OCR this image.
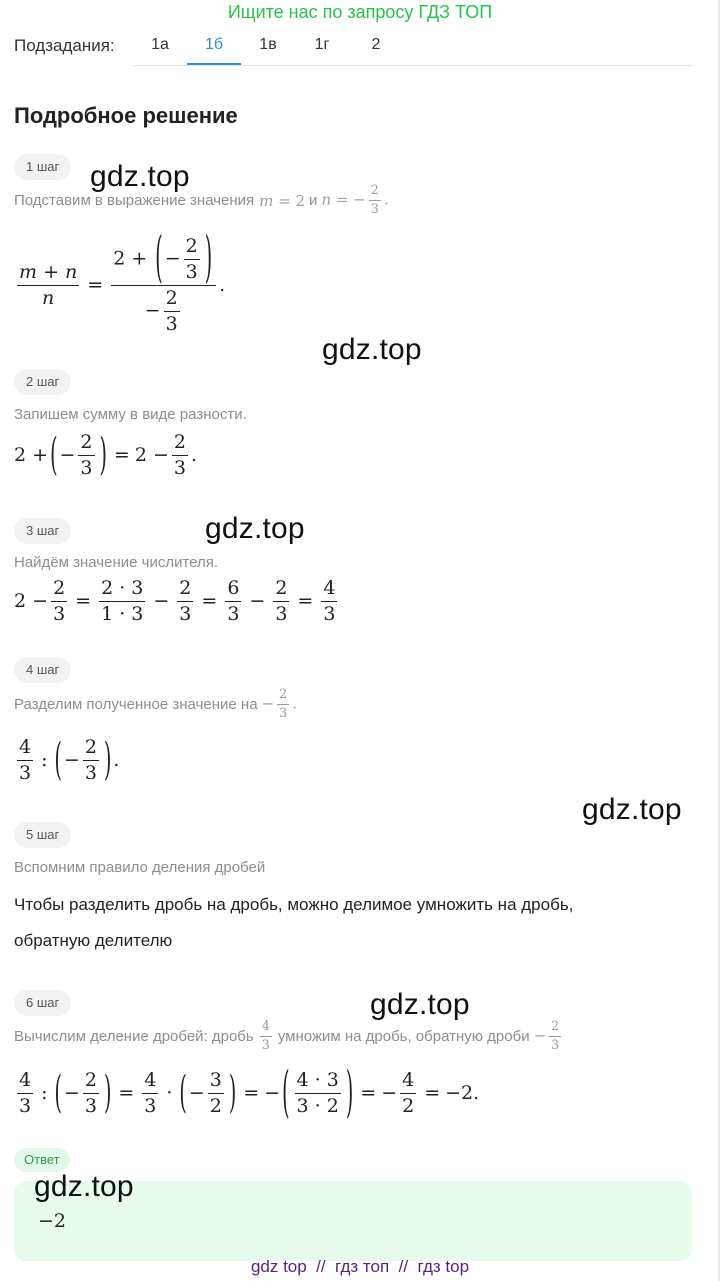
Ищите нас по запросу ГДЗ ТОП
Подзадания:	1а	1б	1в	1г	2
Подробное решение
1 шаг	gdz.top
Подставим в выражение значения m = 2 и n = − $\frac{2}{3}$ .
$\frac{m + n}{n} = \frac{2 + ( - \frac{2}{3} )}{- \frac{2}{3}}$ .
gdz.top
2 шаг
Запишем сумму в виде разности.
2 + ( − $\frac{2}{3}$ ) = $2 - \frac{2}{3}$ .
3 шаг	gdz.top
Найдём значение числителя.
$2 - \frac{2}{3} = \frac{2 \cdot 3}{1 \cdot 3} - \frac{2}{3} = \frac{6}{3} - \frac{2}{3} = \frac{4}{3}$
4 шаг
Разделим полученное значение на − $\frac{2}{3}$ .
$\frac{4}{3}$ : ( − $\frac{2}{3}$ ) .
gdz.top
5 шаг
Вспомним правило деления дробей
Чтобы разделить дробь на дробь, можно делимое умножить на дробь,
обратную делителю
6 шаг	gdz.top
Вычислим деление дробей: дробь $\frac{4}{3}$ умножим на дробь, обратную дроби − $\frac{2}{3}$
$\frac{4}{3}$ : ( − $\frac{2}{3}$ ) = $\frac{4}{3}$ · ( − $\frac{3}{2}$ ) = − ( $\frac{4 \cdot 3}{3 \cdot 2}$ ) = − $\frac{4}{2} = -2$.
Ответ
gdz.top
−2
gdz top  //  гдз топ  //  гдз top
